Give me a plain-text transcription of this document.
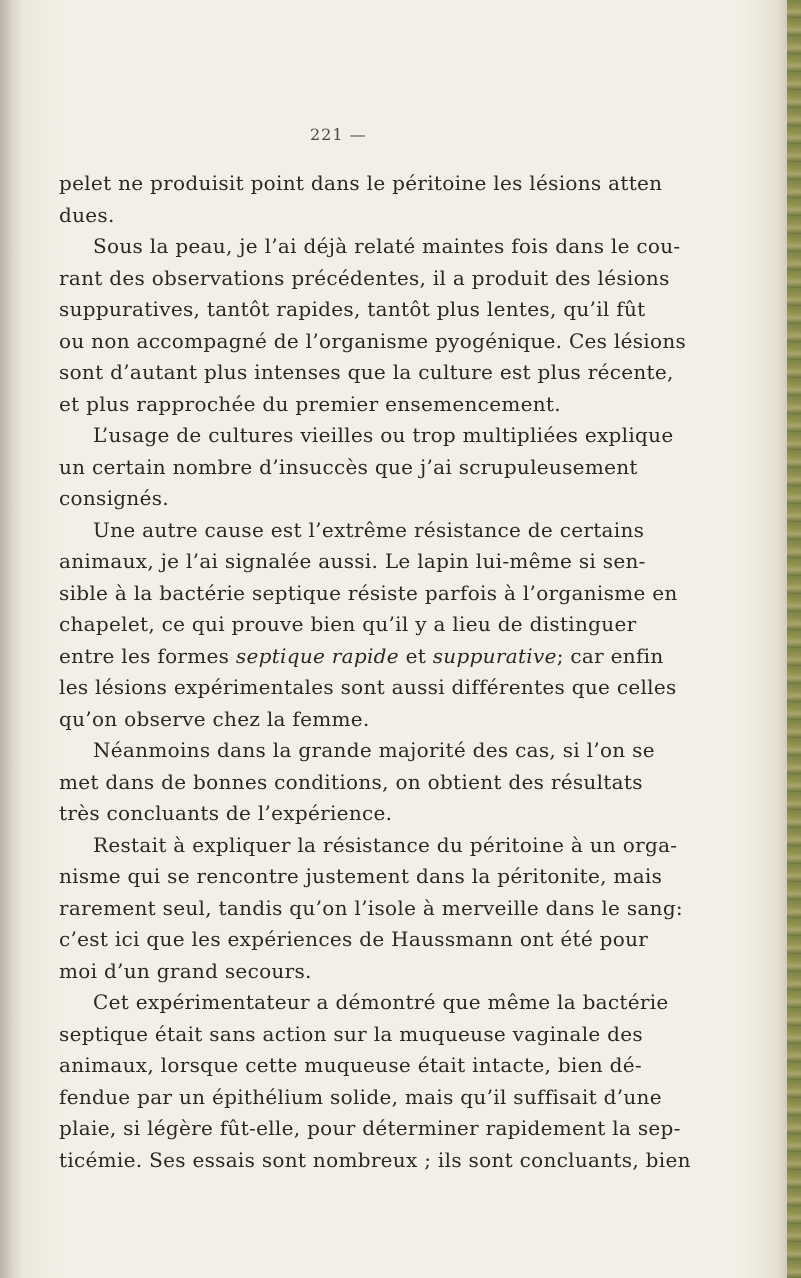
221 —
pelet ne produisit point dans le péritoine les lésions atten
dues.
Sous la peau, je l’ai déjà relaté maintes fois dans le cou-
rant des observations précédentes, il a produit des lésions
suppuratives, tantôt rapides, tantôt plus lentes, qu’il fût
ou non accompagné de l’organisme pyogénique. Ces lésions
sont d’autant plus intenses que la culture est plus récente,
et plus rapprochée du premier ensemencement.
L’usage de cultures vieilles ou trop multipliées explique
un certain nombre d’insuccès que j’ai scrupuleusement
consignés.
Une autre cause est l’extrême résistance de certains
animaux, je l’ai signalée aussi. Le lapin lui-même si sen-
sible à la bactérie septique résiste parfois à l’organisme en
chapelet, ce qui prouve bien qu’il y a lieu de distinguer
entre les formes septique rapide et suppurative; car enfin
les lésions expérimentales sont aussi différentes que celles
qu’on observe chez la femme.
Néanmoins dans la grande majorité des cas, si l’on se
met dans de bonnes conditions, on obtient des résultats
très concluants de l’expérience.
Restait à expliquer la résistance du péritoine à un orga-
nisme qui se rencontre justement dans la péritonite, mais
rarement seul, tandis qu’on l’isole à merveille dans le sang:
c’est ici que les expériences de Haussmann ont été pour
moi d’un grand secours.
Cet expérimentateur a démontré que même la bactérie
septique était sans action sur la muqueuse vaginale des
animaux, lorsque cette muqueuse était intacte, bien dé-
fendue par un épithélium solide, mais qu’il suffisait d’une
plaie, si légère fût-elle, pour déterminer rapidement la sep-
ticémie. Ses essais sont nombreux ; ils sont concluants, bien
